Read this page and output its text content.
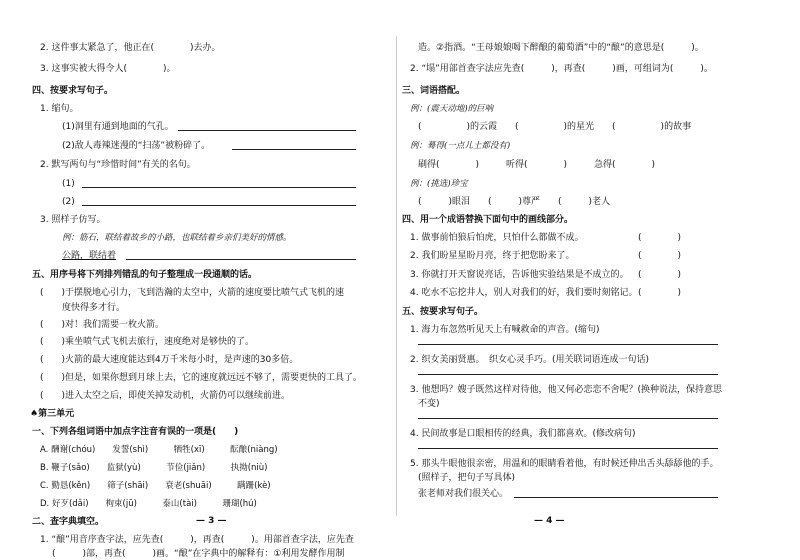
2. 这件事太紧急了，他正在(　　　　)去办。
3. 这事实被大得令人(　　　　)。
四、按要求写句子。
1. 缩句。
(1)洞里有通到地面的气孔。
(2)敌人毒辣迷漫的“扫荡”被粉碎了。
2. 默写两句与“珍惜时间”有关的名句。
(1)
(2)
3. 照样子仿写。
例：筋石，联结着故乡的小路，也联结着乡亲们美好的情感。
公路，联结着
五、用序号将下列排列错乱的句子整理成一段通顺的话。
(　　)于摆脱地心引力，飞到浩瀚的太空中，火箭的速度要比喷气式飞机的速
度快得多才行。
(　　)对！我们需要一枚火箭。
(　　)乘坐喷气式飞机去旅行，速度绝对是够快的了。
(　　)火箭的最大速度能达到4万千米每小时，是声速的30多倍。
(　　)但是，如果你想到月球上去，它的速度就远远不够了，需要更快的工具了。
(　　)进入太空之后，即使关掉发动机，火箭仍可以继续前进。
♠第三单元
一、下列各组词语中加点字注音有误的一项是(　　)
A. 酬谢(chóu)　　发誓(shì)　　　牺牲(xī)　　　酝酿(niàng)
B. 鞭子(sǎo)　　监狱(yù)　　　节俭(jiǎn)　　　执拗(niù)
C. 勤恳(kěn)　　筛子(shāi)　　衰老(shuāi)　　　蹒跚(kè)
D. 好歹(dǎi)　　枸束(jū)　　　泰山(tài)　　　珊瑚(hú)
二、查字典填空。
1. “酿”用音序查字法，应先查(　　　)，再查(　　　)。用部首查字法，应先查
(　　　)部，再查(　　　)画。“酿”在字典中的解释有：①利用发酵作用制
造。②指酒。“王母娘娘喝下醉酿的葡萄酒”中的“酿”的意思是(　　　)。
2. “塌”用部首查字法应先查(　　　)，再查(　　　)画，可组词为(　　　)。
三、词语搭配。
例：(震天动地)的巨响
(　　　　　)的云霞　　(　　　　　)的星光　　(　　　　　)的故事
例：蓦得(一点儿土都没有)
刷得(　　　　)　　　听得(　　　　)　　　急得(　　　　)
例：(挑选)珍宝
(　　　)眼泪　　(　　　)尊严　　(　　　)老人
四、用一个成语替换下面句中的画线部分。
1. 做事前怕狼后怕虎，只怕什么都做不成。	(　　　　)
2. 我们盼星星盼月亮，终于把您盼来了。	(　　　　)
3. 你就打开天窗说亮话，告诉他实验结果是不成立的。 (　　　　)
4. 吃水不忘挖井人，别人对我们的好，我们要时刻铭记。 (　　　　)
五、按要求写句子。
1. 海力布忽然听见天上有喊救命的声音。(缩句)
2. 织女美丽贤惠。　织女心灵手巧。(用关联词语连成一句话)
3. 他想吗？嫂子既然这样对待他，他又何必恋恋不舍呢？(换种说法，保持意思
不变)
4. 民间故事是口眼相传的经典，我们都喜欢。(修改病句)
5. 那头牛眼他很亲密，用温和的眼睛看着他，有时候还伸出舌头舔舔他的手。
(照样子，把句子写具体)
张老师对我们很关心。
— 4 —
— 3 —
